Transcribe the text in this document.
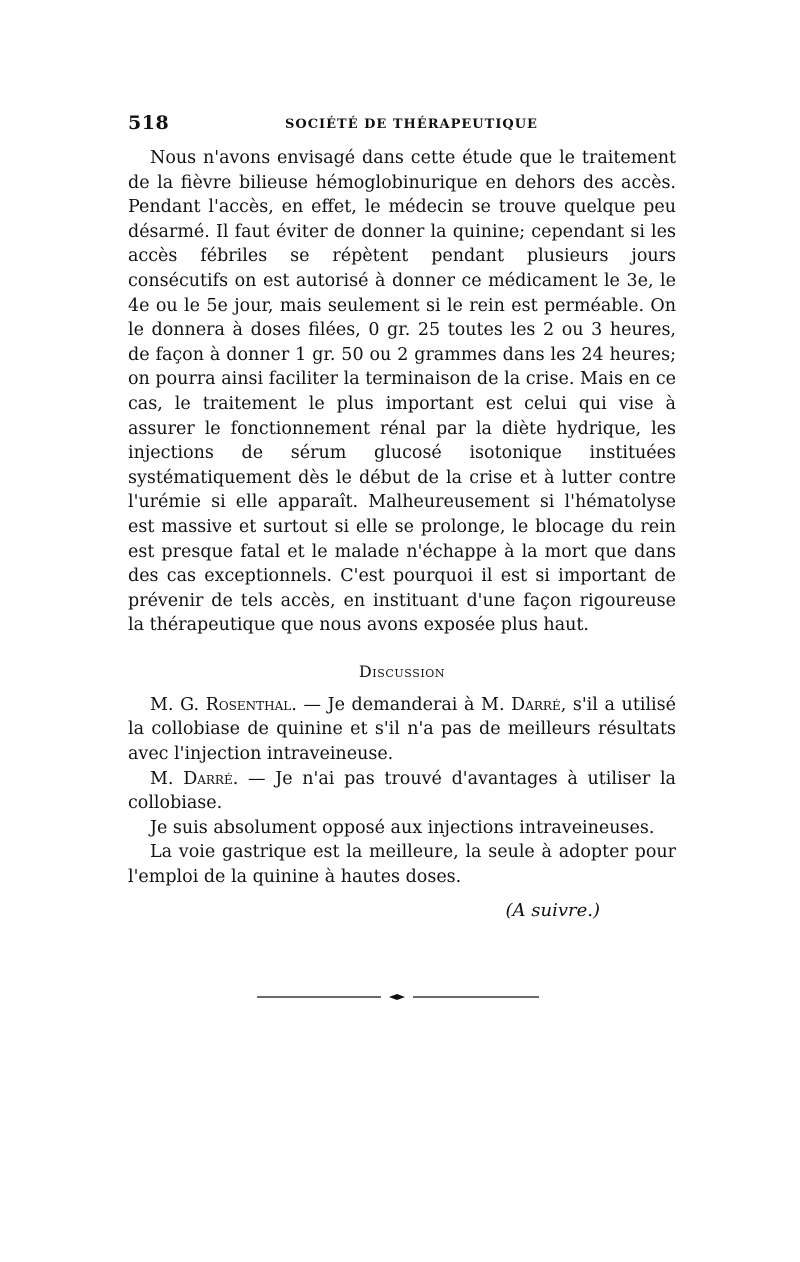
518	SOCIÉTÉ DE THÉRAPEUTIQUE

Nous n'avons envisagé dans cette étude que le traitement de la fièvre bilieuse hémoglobinurique en dehors des accès. Pendant l'accès, en effet, le médecin se trouve quelque peu désarmé. Il faut éviter de donner la quinine; cependant si les accès fébriles se répètent pendant plusieurs jours consécutifs on est autorisé à donner ce médicament le 3e, le 4e ou le 5e jour, mais seulement si le rein est perméable. On le donnera à doses filées, 0 gr. 25 toutes les 2 ou 3 heures, de façon à donner 1 gr. 50 ou 2 grammes dans les 24 heures; on pourra ainsi faciliter la terminaison de la crise. Mais en ce cas, le traitement le plus important est celui qui vise à assurer le fonctionnement rénal par la diète hydrique, les injections de sérum glucosé isotonique instituées systématiquement dès le début de la crise et à lutter contre l'urémie si elle apparaît. Malheureusement si l'hématolyse est massive et surtout si elle se prolonge, le blocage du rein est presque fatal et le malade n'échappe à la mort que dans des cas exceptionnels. C'est pourquoi il est si important de prévenir de tels accès, en instituant d'une façon rigoureuse la thérapeutique que nous avons exposée plus haut.

Discussion

M. G. Rosenthal. — Je demanderai à M. Darré, s'il a utilisé la collobiase de quinine et s'il n'a pas de meilleurs résultats avec l'injection intraveineuse.

M. Darré. — Je n'ai pas trouvé d'avantages à utiliser la collobiase.

Je suis absolument opposé aux injections intraveineuses.

La voie gastrique est la meilleure, la seule à adopter pour l'emploi de la quinine à hautes doses.

(A suivre.)
